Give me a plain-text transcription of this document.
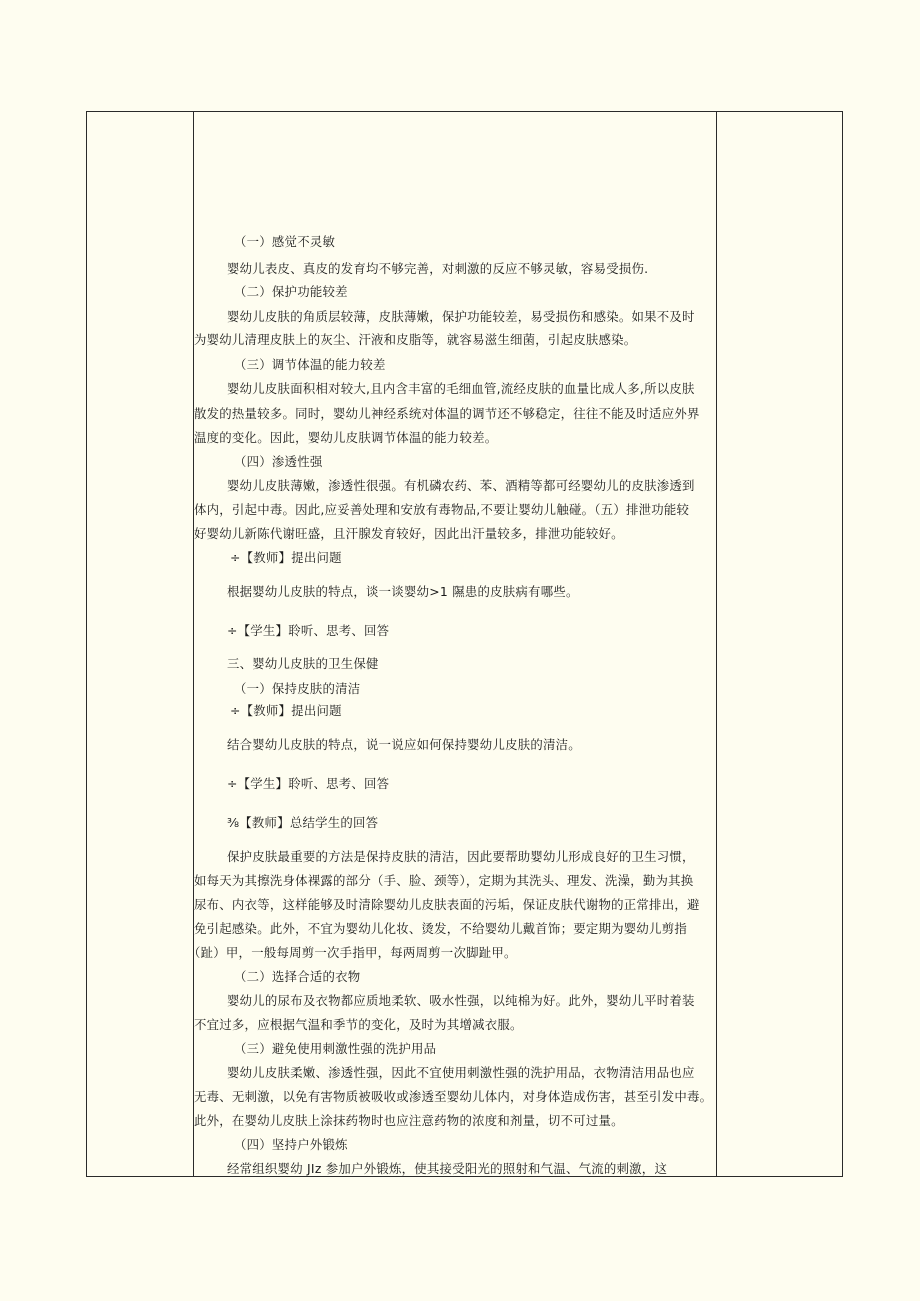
（一）感觉不灵敏
婴幼儿表皮、真皮的发育均不够完善，对刺激的反应不够灵敏，容易受损伤.
（二）保护功能较差
婴幼儿皮肤的角质层较薄，皮肤薄嫩，保护功能较差，易受损伤和感染。如果不及时
为婴幼儿清理皮肤上的灰尘、汗液和皮脂等，就容易滋生细菌，引起皮肤感染。
（三）调节体温的能力较差
婴幼儿皮肤面积相对较大,且内含丰富的毛细血管,流经皮肤的血量比成人多,所以皮肤
散发的热量较多。同时，婴幼儿神经系统对体温的调节还不够稳定，往往不能及时适应外界
温度的变化。因此，婴幼儿皮肤调节体温的能力较差。
（四）渗透性强
婴幼儿皮肤薄嫩，渗透性很强。有机磷农药、苯、酒精等都可经婴幼儿的皮肤渗透到
体内，引起中毒。因此,应妥善处理和安放有毒物品,不要让婴幼儿触碰。（五）排泄功能较
好婴幼儿新陈代谢旺盛，且汗腺发育较好，因此出汗量较多，排泄功能较好。
÷【教师】提出问题
根据婴幼儿皮肤的特点，谈一谈婴幼>1 隰患的皮肤病有哪些。
÷【学生】聆听、思考、回答
三、婴幼儿皮肤的卫生保健
（一）保持皮肤的清洁
÷【教师】提出问题
结合婴幼儿皮肤的特点，说一说应如何保持婴幼儿皮肤的清洁。
÷【学生】聆听、思考、回答
⅜【教师】总结学生的回答
保护皮肤最重要的方法是保持皮肤的清洁，因此要帮助婴幼儿形成良好的卫生习惯，
如每天为其擦洗身体裸露的部分（手、脸、颈等），定期为其洗头、理发、洗澡，勤为其换
尿布、内衣等，这样能够及时清除婴幼儿皮肤表面的污垢，保证皮肤代谢物的正常排出，避
免引起感染。此外，不宜为婴幼儿化妆、烫发，不给婴幼儿戴首饰；要定期为婴幼儿剪指
（趾）甲，一般每周剪一次手指甲，每两周剪一次脚趾甲。
（二）选择合适的衣物
婴幼儿的尿布及衣物都应质地柔软、吸水性强，以纯棉为好。此外，婴幼儿平时着装
不宜过多，应根据气温和季节的变化，及时为其增减衣服。
（三）避免使用刺激性强的洗护用品
婴幼儿皮肤柔嫩、渗透性强，因此不宜使用刺激性强的洗护用品，衣物清洁用品也应
无毒、无刺激，以免有害物质被吸收或渗透至婴幼儿体内，对身体造成伤害，甚至引发中毒。
此外，在婴幼儿皮肤上涂抹药物时也应注意药物的浓度和剂量，切不可过量。
（四）坚持户外锻炼
经常组织婴幼 JIz 参加户外锻炼，使其接受阳光的照射和气温、气流的刺激，这
